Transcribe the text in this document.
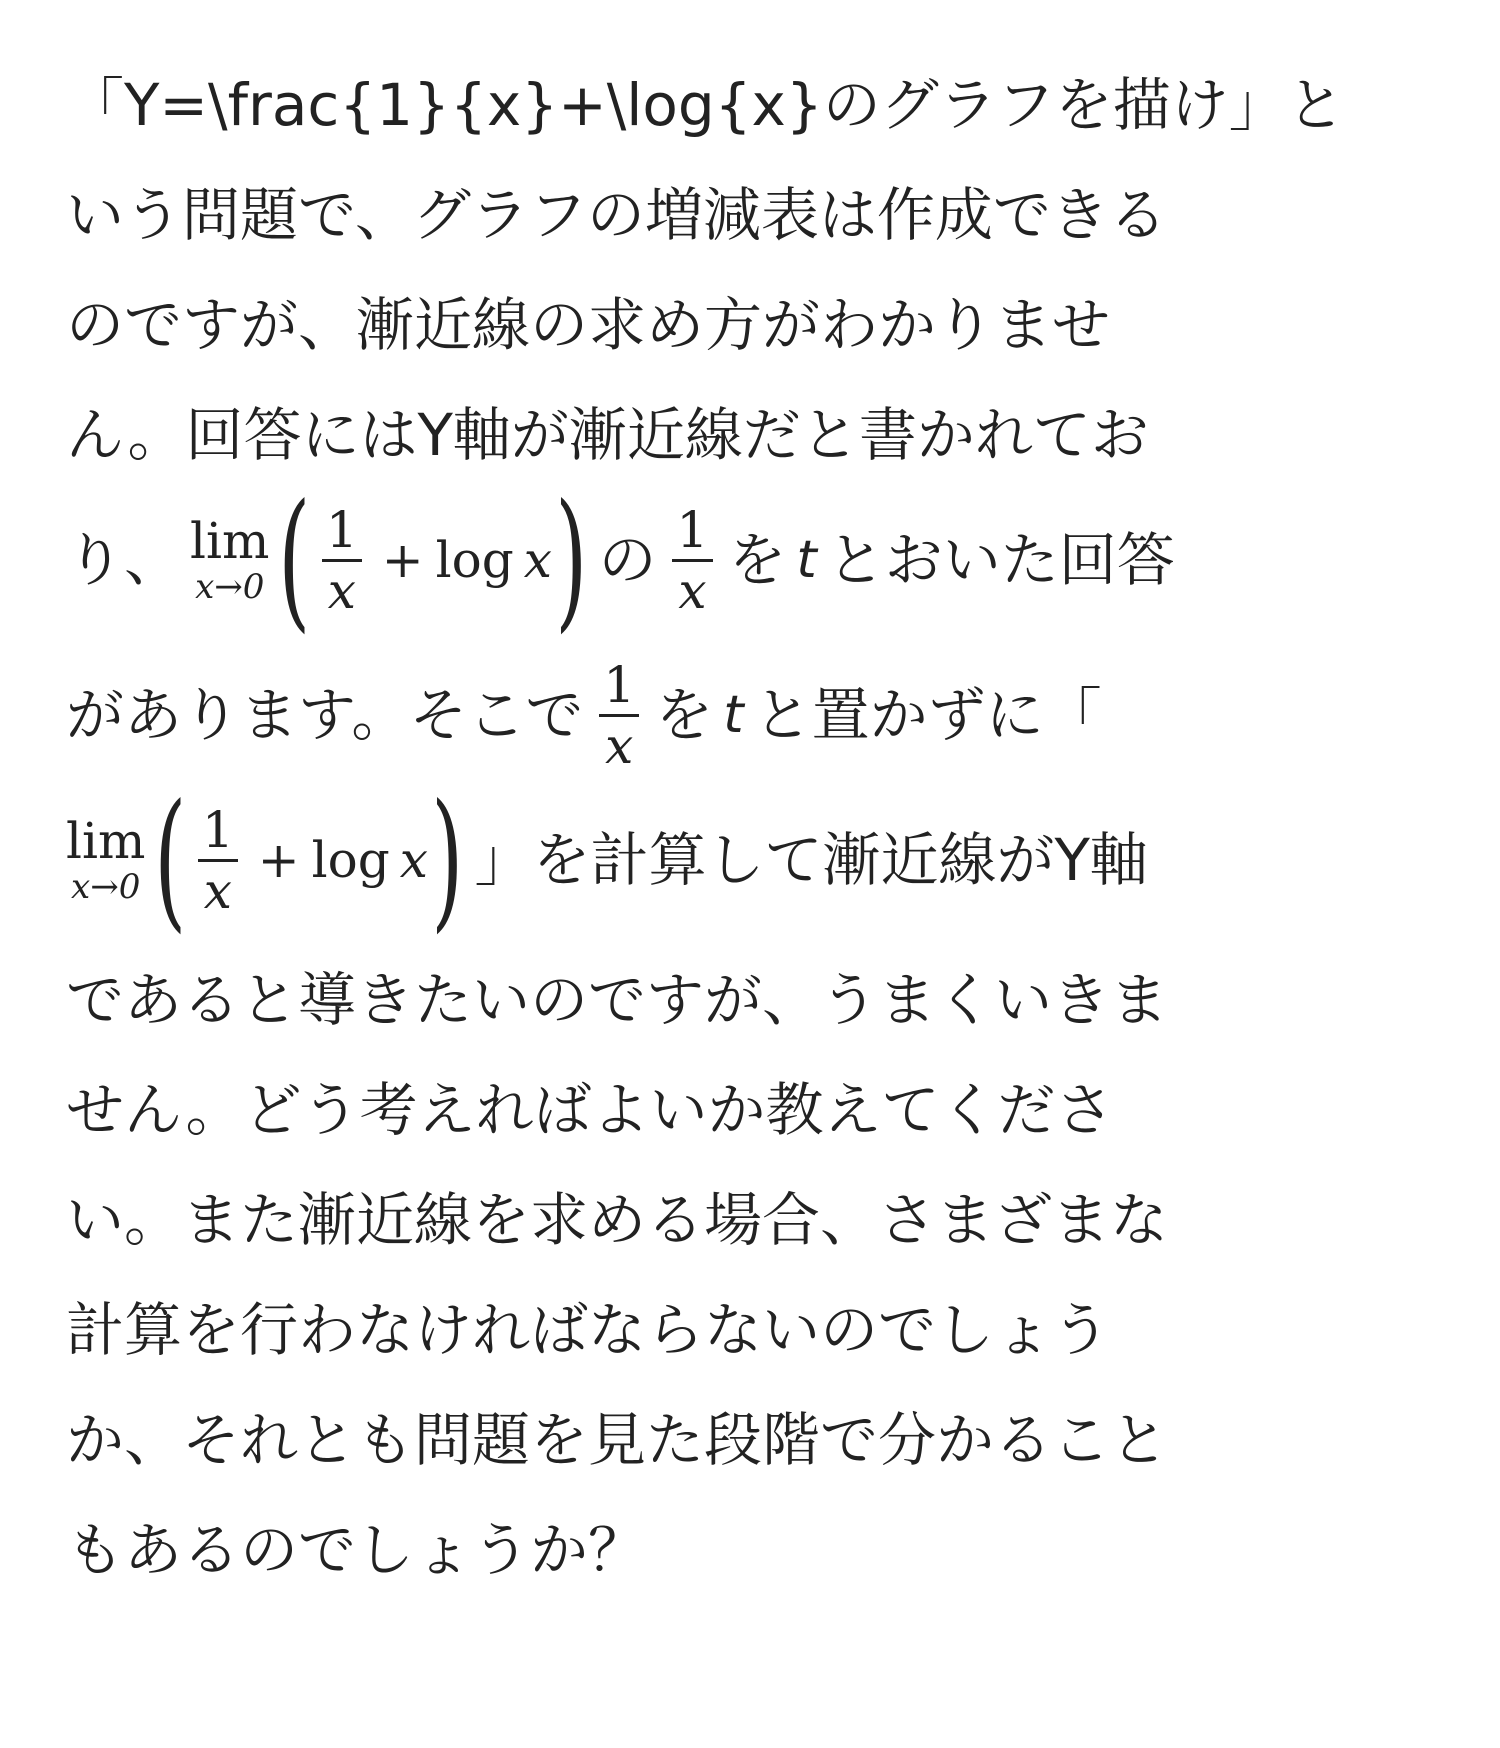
「Y=\frac{1}{x}+\log{x}のグラフを描け」と
いう問題で、グラフの増減表は作成できる
のですが、漸近線の求め方がわかりませ
ん。回答にはY軸が漸近線だと書かれてお
り、 lim
x→0 ( $\frac{1}{x} + \log x$ ) の $\frac{1}{x}$ を t とおいた回答
があります。そこで $\frac{1}{x}$ を t と置かずに「
lim
x→0 ( $\frac{1}{x} + \log x$ ) 」を計算して漸近線がY軸
であると導きたいのですが、うまくいきま
せん。どう考えればよいか教えてくださ
い。また漸近線を求める場合、さまざまな
計算を行わなければならないのでしょう
か、それとも問題を見た段階で分かること
もあるのでしょうか？
